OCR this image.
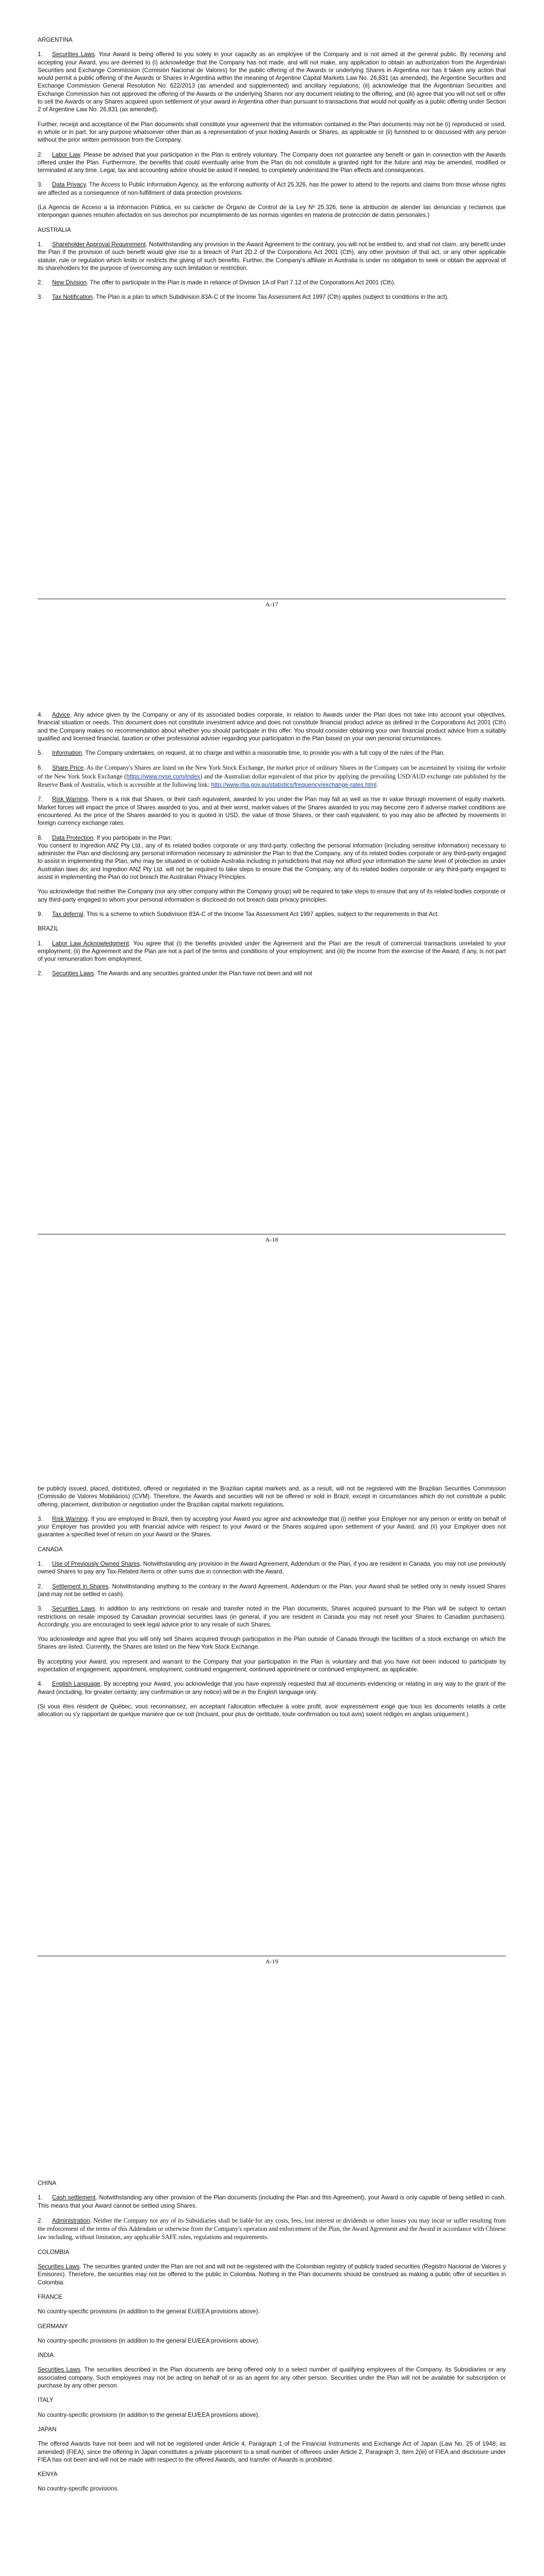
ARGENTINA

1. Securities Laws. Your Award is being offered to you solely in your capacity as an employee of the Company and is not aimed at the general public. By receiving and accepting your Award, you are deemed to (i) acknowledge that the Company has not made, and will not make, any application to obtain an authorization from the Argentinian Securities and Exchange Commission (Comisión Nacional de Valores) for the public offering of the Awards or underlying Shares in Argentina nor has it taken any action that would permit a public offering of the Awards or Shares in Argentina within the meaning of Argentine Capital Markets Law No. 26,831 (as amended), the Argentine Securities and Exchange Commission General Resolution No. 622/2013 (as amended and supplemented) and ancillary regulations; (ii) acknowledge that the Argentinian Securities and Exchange Commission has not approved the offering of the Awards or the underlying Shares nor any document relating to the offering; and (iii) agree that you will not sell or offer to sell the Awards or any Shares acquired upon settlement of your award in Argentina other than pursuant to transactions that would not qualify as a public offering under Section 2 of Argentine Law No. 26,831 (as amended).

Further, receipt and acceptance of the Plan documents shall constitute your agreement that the information contained in the Plan documents may not be (i) reproduced or used, in whole or in part, for any purpose whatsoever other than as a representation of your holding Awards or Shares, as applicable or (ii) furnished to or discussed with any person without the prior written permission from the Company.

2. Labor Law. Please be advised that your participation in the Plan is entirely voluntary. The Company does not guarantee any benefit or gain in connection with the Awards offered under the Plan. Furthermore, the benefits that could eventually arise from the Plan do not constitute a granted right for the future and may be amended, modified or terminated at any time. Legal, tax and accounting advice should be asked if needed, to completely understand the Plan effects and consequences.

3. Data Privacy. The Access to Public Information Agency, as the enforcing authority of Act 25.326, has the power to attend to the reports and claims from those whose rights are affected as a consequence of non-fulfillment of data protection provisions.

(La Agencia de Acceso a la Información Pública, en su carácter de Órgano de Control de la Ley Nº 25.326, tiene la atribución de atender las denuncias y reclamos que interpongan quienes resulten afectados en sus derechos por incumplimiento de las normas vigentes en materia de protección de datos personales.)

AUSTRALIA

1. Shareholder Approval Requirement. Notwithstanding any provision in the Award Agreement to the contrary, you will not be entitled to, and shall not claim, any benefit under the Plan if the provision of such benefit would give rise to a breach of Part 2D.2 of the Corporations Act 2001 (Cth), any other provision of that act, or any other applicable statute, rule or regulation which limits or restricts the giving of such benefits. Further, the Company's affiliate in Australia is under no obligation to seek or obtain the approval of its shareholders for the purpose of overcoming any such limitation or restriction.

2. New Division. The offer to participate in the Plan is made in reliance of Division 1A of Part 7.12 of the Corporations Act 2001 (Cth).

3. Tax Notification. The Plan is a plan to which Subdivision 83A-C of the Income Tax Assessment Act 1997 (Cth) applies (subject to conditions in the act).

A-17

4. Advice. Any advice given by the Company or any of its associated bodies corporate, in relation to Awards under the Plan does not take into account your objectives, financial situation or needs. This document does not constitute investment advice and does not constitute financial product advice as defined in the Corporations Act 2001 (Cth) and the Company makes no recommendation about whether you should participate in this offer. You should consider obtaining your own financial product advice from a suitably qualified and licensed financial, taxation or other professional adviser regarding your participation in the Plan based on your own personal circumstances.

5. Information. The Company undertakes, on request, at no charge and within a reasonable time, to provide you with a full copy of the rules of the Plan.

6. Share Price. As the Company's Shares are listed on the New York Stock Exchange, the market price of ordinary Shares in the Company can be ascertained by visiting the website of the New York Stock Exchange (https://www.nyse.com/index) and the Australian dollar equivalent of that price by applying the prevailing USD/AUD exchange rate published by the Reserve Bank of Australia, which is accessible at the following link: http://www.rba.gov.au/statistics/frequency/exchange-rates.html.

7. Risk Warning. There is a risk that Shares, or their cash equivalent, awarded to you under the Plan may fall as well as rise in value through movement of equity markets. Market forces will impact the price of Shares awarded to you, and at their worst, market values of the Shares awarded to you may become zero if adverse market conditions are encountered. As the price of the Shares awarded to you is quoted in USD, the value of those Shares, or their cash equivalent, to you may also be affected by movements in foreign currency exchange rates.

8. Data Protection. If you participate in the Plan:

You consent to Ingredion ANZ Pty Ltd., any of its related bodies corporate or any third-party, collecting the personal information (including sensitive information) necessary to administer the Plan and disclosing any personal information necessary to administer the Plan to that the Company, any of its related bodies corporate or any third-party engaged to assist in implementing the Plan, who may be situated in or outside Australia including in jurisdictions that may not afford your information the same level of protection as under Australian laws do; and Ingredion ANZ Pty Ltd. will not be required to take steps to ensure that the Company, any of its related bodies corporate or any third-party engaged to assist in implementing the Plan do not breach the Australian Privacy Principles.

You acknowledge that neither the Company (nor any other company within the Company group) will be required to take steps to ensure that any of its related bodies corporate or any third-party engaged to whom your personal information is disclosed do not breach data privacy principles.

9. Tax deferral. This is a scheme to which Subdivision 83A-C of the Income Tax Assessment Act 1997 applies, subject to the requirements in that Act.

BRAZIL

1. Labor Law Acknowledgment. You agree that (i) the benefits provided under the Agreement and the Plan are the result of commercial transactions unrelated to your employment; (ii) the Agreement and the Plan are not a part of the terms and conditions of your employment; and (iii) the income from the exercise of the Award, if any, is not part of your remuneration from employment.

2. Securities Laws. The Awards and any securities granted under the Plan have not been and will not

A-18

be publicly issued, placed, distributed, offered or negotiated in the Brazilian capital markets and, as a result, will not be registered with the Brazilian Securities Commission (Comissão de Valores Mobiliários) (CVM). Therefore, the Awards and securities will not be offered or sold in Brazil, except in circumstances which do not constitute a public offering, placement, distribution or negotiation under the Brazilian capital markets regulations.

3. Risk Warning. If you are employed in Brazil, then by accepting your Award you agree and acknowledge that (i) neither your Employer nor any person or entity on behalf of your Employer has provided you with financial advice with respect to your Award or the Shares acquired upon settlement of your Award; and (ii) your Employer does not guarantee a specified level of return on your Award or the Shares.

CANADA

1. Use of Previously Owned Shares. Notwithstanding any provision in the Award Agreement, Addendum or the Plan, if you are resident in Canada, you may not use previously owned Shares to pay any Tax-Related Items or other sums due in connection with the Award.

2. Settlement in Shares. Notwithstanding anything to the contrary in the Award Agreement, Addendum or the Plan, your Award shall be settled only in newly issued Shares (and may not be settled in cash).

3. Securities Laws. In addition to any restrictions on resale and transfer noted in the Plan documents, Shares acquired pursuant to the Plan will be subject to certain restrictions on resale imposed by Canadian provincial securities laws (in general, if you are resident in Canada you may not resell your Shares to Canadian purchasers). Accordingly, you are encouraged to seek legal advice prior to any resale of such Shares.

You acknowledge and agree that you will only sell Shares acquired through participation in the Plan outside of Canada through the facilities of a stock exchange on which the Shares are listed. Currently, the Shares are listed on the New York Stock Exchange.

By accepting your Award, you represent and warrant to the Company that your participation in the Plan is voluntary and that you have not been induced to participate by expectation of engagement, appointment, employment, continued engagement, continued appointment or continued employment, as applicable.

4. English Language. By accepting your Award, you acknowledge that you have expressly requested that all documents evidencing or relating in any way to the grant of the Award (including, for greater certainty, any confirmation or any notice) will be in the English language only.

(Si vous êtes résident de Québec, vous reconnaissez, en acceptant l'allocation effectuée à votre profit, avoir expressément exigé que tous les documents relatifs à cette allocation ou s'y rapportant de quelque manière que ce soit (incluant, pour plus de certitude, toute confirmation ou tout avis) soient rédigés en anglais uniquement.)

A-19

CHINA

1. Cash settlement. Notwithstanding any other provision of the Plan documents (including the Plan and this Agreement), your Award is only capable of being settled in cash. This means that your Award cannot be settled using Shares.

2. Administration. Neither the Company nor any of its Subsidiaries shall be liable for any costs, fees, lost interest or dividends or other losses you may incur or suffer resulting from the enforcement of the terms of this Addendum or otherwise from the Company's operation and enforcement of the Plan, the Award Agreement and the Award in accordance with Chinese law including, without limitation, any applicable SAFE rules, regulations and requirements.

COLOMBIA

Securities Laws. The securities granted under the Plan are not and will not be registered with the Colombian registry of publicly traded securities (Registro Nacional de Valores y Emisores). Therefore, the securities may not be offered to the public in Colombia. Nothing in the Plan documents should be construed as making a public offer of securities in Colombia.

FRANCE

No country-specific provisions (in addition to the general EU/EEA provisions above).

GERMANY

No country-specific provisions (in addition to the general EU/EEA provisions above).

INDIA

Securities Laws. The securities described in the Plan documents are being offered only to a select number of qualifying employees of the Company, its Subsidiaries or any associated company. Such employees may not be acting on behalf of or as an agent for any other person. Securities under the Plan will not be available for subscription or purchase by any other person.

ITALY

No country-specific provisions (in addition to the general EU/EEA provisions above).

JAPAN

The offered Awards have not been and will not be registered under Article 4, Paragraph 1 of the Financial Instruments and Exchange Act of Japan (Law No. 25 of 1948, as amended) (FIEA), since the offering in Japan constitutes a private placement to a small number of offerees under Article 2, Paragraph 3, Item 2(iii) of FIEA and disclosure under FIEA has not been and will not be made with respect to the offered Awards, and transfer of Awards is prohibited.

KENYA

No country-specific provisions.
